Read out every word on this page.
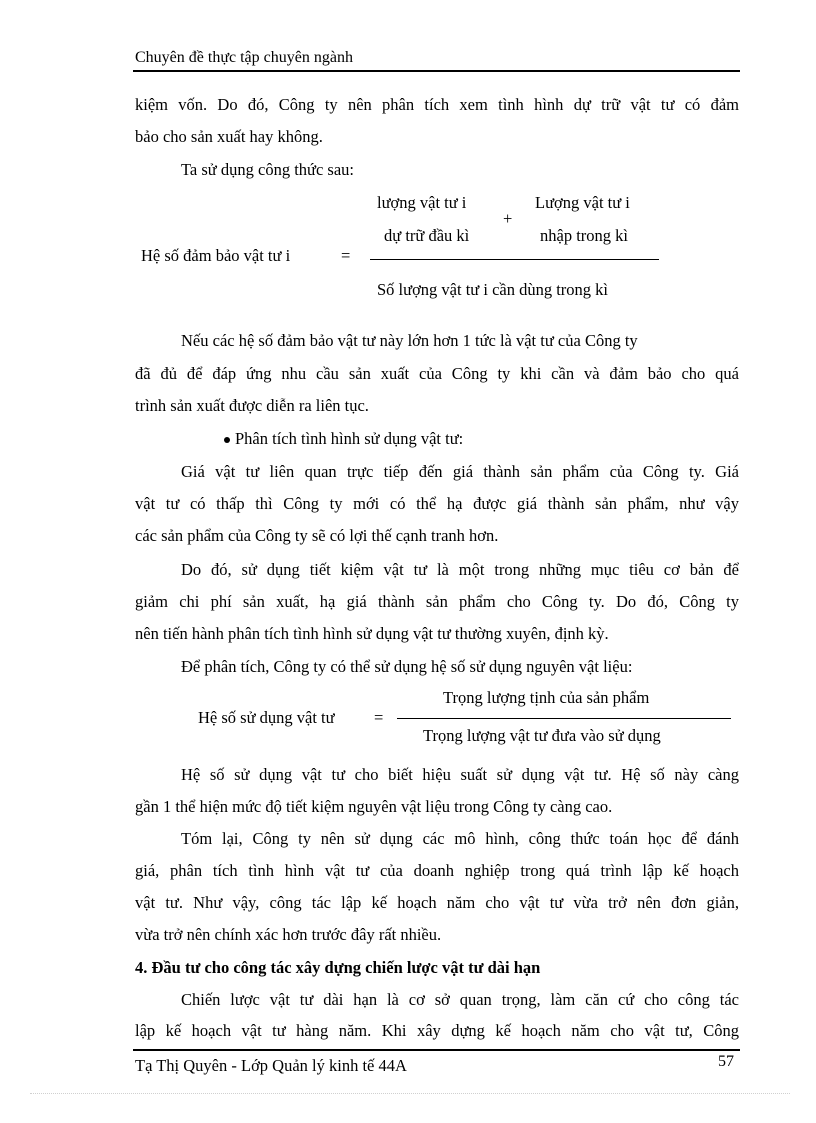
Chuyên đề thực tập chuyên ngành
kiệm vốn. Do đó, Công ty nên phân tích xem tình hình dự trữ vật tư có đảm
bảo cho sản xuất hay không.
Ta sử dụng công thức sau:
Hệ số đảm bảo vật tư i	=
lượng vật tư i
dự trữ đầu kì
+
Lượng vật tư i
nhập trong kì
Số lượng vật tư i cần dùng trong kì
Nếu các hệ số đảm bảo vật tư này lớn hơn 1 tức là vật tư của Công ty
đã đủ để đáp ứng nhu cầu sản xuất của Công ty khi cần và đảm bảo cho quá
trình sản xuất được diễn ra liên tục.
Phân tích tình hình sử dụng vật tư:
Giá vật tư liên quan trực tiếp đến giá thành sản phẩm của Công ty. Giá
vật tư có thấp thì Công ty mới có thể hạ được giá thành sản phẩm, như vậy
các sản phẩm của Công ty sẽ có lợi thế cạnh tranh hơn.
Do đó, sử dụng tiết kiệm vật tư là một trong những mục tiêu cơ bản để
giảm chi phí sản xuất, hạ giá thành sản phẩm cho Công ty. Do đó, Công ty
nên tiến hành phân tích tình hình sử dụng vật tư thường xuyên, định kỳ.
Để phân tích, Công ty có thể sử dụng hệ số sử dụng nguyên vật liệu:
Hệ số sử dụng vật tư =
Trọng lượng tịnh của sản phẩm
Trọng lượng vật tư đưa vào sử dụng
Hệ số sử dụng vật tư cho biết hiệu suất sử dụng vật tư. Hệ số này càng
gần 1 thể hiện mức độ tiết kiệm nguyên vật liệu trong Công ty càng cao.
Tóm lại, Công ty nên sử dụng các mô hình, công thức toán học để đánh
giá, phân tích tình hình vật tư của doanh nghiệp trong quá trình lập kế hoạch
vật tư. Như vậy, công tác lập kế hoạch năm cho vật tư vừa trở nên đơn giản,
vừa trở nên chính xác hơn trước đây rất nhiều.
4. Đầu tư cho công tác xây dựng chiến lược vật tư dài hạn
Chiến lược vật tư dài hạn là cơ sở quan trọng, làm căn cứ cho công tác
lập kế hoạch vật tư hàng năm. Khi xây dựng kế hoạch năm cho vật tư, Công
Tạ Thị Quyên - Lớp Quản lý kinh tế 44A	57
